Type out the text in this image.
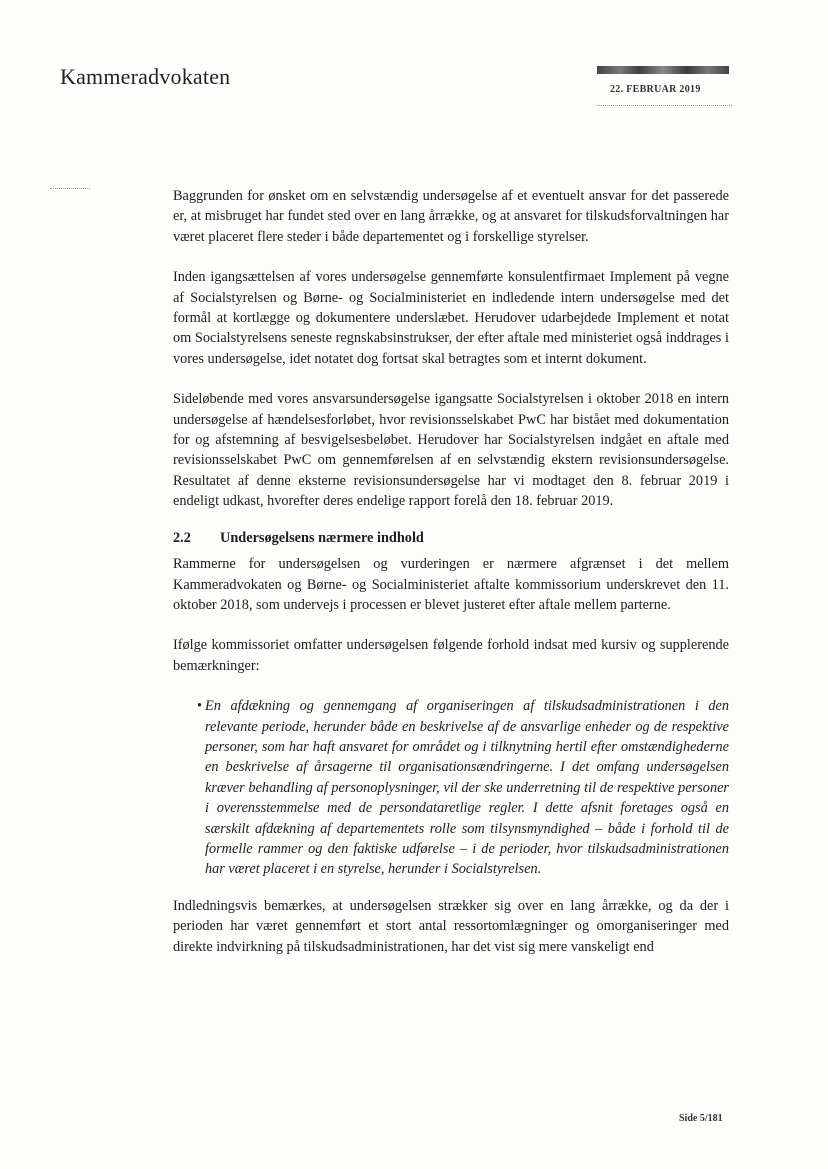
Kammeradvokaten
22. FEBRUAR 2019

Baggrunden for ønsket om en selvstændig undersøgelse af et eventuelt ansvar for det passerede er, at misbruget har fundet sted over en lang årrække, og at ansvaret for tilskudsforvaltningen har været placeret flere steder i både departementet og i forskellige styrelser.

Inden igangsættelsen af vores undersøgelse gennemførte konsulentfirmaet Implement på vegne af Socialstyrelsen og Børne- og Socialministeriet en indledende intern undersøgelse med det formål at kortlægge og dokumentere underslæbet. Herudover udarbejdede Implement et notat om Socialstyrelsens seneste regnskabsinstrukser, der efter aftale med ministeriet også inddrages i vores undersøgelse, idet notatet dog fortsat skal betragtes som et internt dokument.

Sideløbende med vores ansvarsundersøgelse igangsatte Socialstyrelsen i oktober 2018 en intern undersøgelse af hændelsesforløbet, hvor revisionsselskabet PwC har bistået med dokumentation for og afstemning af besvigelsesbeløbet. Herudover har Socialstyrelsen indgået en aftale med revisionsselskabet PwC om gennemførelsen af en selvstændig ekstern revisionsundersøgelse. Resultatet af denne eksterne revisionsundersøgelse har vi modtaget den 8. februar 2019 i endeligt udkast, hvorefter deres endelige rapport forelå den 18. februar 2019.

2.2	Undersøgelsens nærmere indhold

Rammerne for undersøgelsen og vurderingen er nærmere afgrænset i det mellem Kammeradvokaten og Børne- og Socialministeriet aftalte kommissorium underskrevet den 11. oktober 2018, som undervejs i processen er blevet justeret efter aftale mellem parterne.

Ifølge kommissoriet omfatter undersøgelsen følgende forhold indsat med kursiv og supplerende bemærkninger:

• En afdækning og gennemgang af organiseringen af tilskudsadministrationen i den relevante periode, herunder både en beskrivelse af de ansvarlige enheder og de respektive personer, som har haft ansvaret for området og i tilknytning hertil efter omstændighederne en beskrivelse af årsagerne til organisationsændringerne. I det omfang undersøgelsen kræver behandling af personoplysninger, vil der ske underretning til de respektive personer i overensstemmelse med de persondataretlige regler. I dette afsnit foretages også en særskilt afdækning af departementets rolle som tilsynsmyndighed – både i forhold til de formelle rammer og den faktiske udførelse – i de perioder, hvor tilskudsadministrationen har været placeret i en styrelse, herunder i Socialstyrelsen.

Indledningsvis bemærkes, at undersøgelsen strækker sig over en lang årrække, og da der i perioden har været gennemført et stort antal ressortomlægninger og omorganiseringer med direkte indvirkning på tilskudsadministrationen, har det vist sig mere vanskeligt end

Side 5/181
